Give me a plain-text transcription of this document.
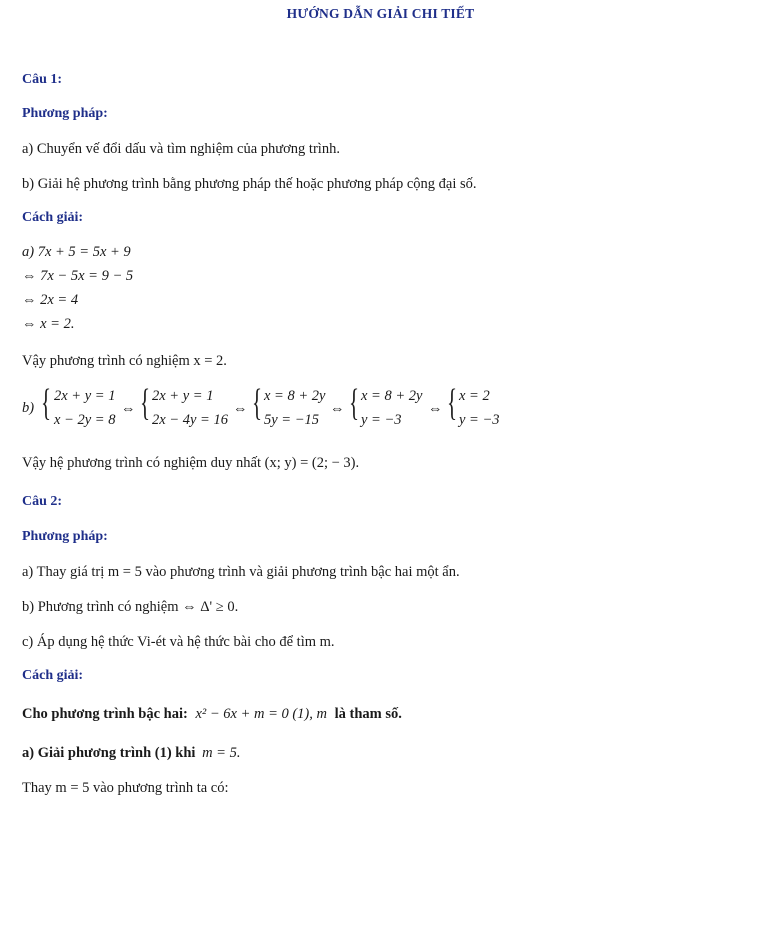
HƯỚNG DẪN GIẢI CHI TIẾT
Câu 1:
Phương pháp:
a) Chuyển vế đổi dấu và tìm nghiệm của phương trình.
b) Giải hệ phương trình bằng phương pháp thế hoặc phương pháp cộng đại số.
Cách giải:
a) 7x + 5 = 5x + 9
⇔ 7x − 5x = 9 − 5
⇔ 2x = 4
⇔ x = 2.
Vậy phương trình có nghiệm x = 2.
b) { 2x + y = 1
x − 2y = 8
⇔ { 2x + y = 1
2x − 4y = 16
⇔ { x = 8 + 2y
5y = −15
⇔ { x = 8 + 2y
y = −3
⇔ { x = 2
y = −3
Vậy hệ phương trình có nghiệm duy nhất (x; y) = (2; − 3).
Câu 2:
Phương pháp:
a) Thay giá trị m = 5 vào phương trình và giải phương trình bậc hai một ẩn.
b) Phương trình có nghiệm ⇔ Δ' ≥ 0.
c) Áp dụng hệ thức Vi-ét và hệ thức bài cho để tìm m.
Cách giải:
Cho phương trình bậc hai: x² − 6x + m = 0 (1), m là tham số.
a) Giải phương trình (1) khi m = 5.
Thay m = 5 vào phương trình ta có:
